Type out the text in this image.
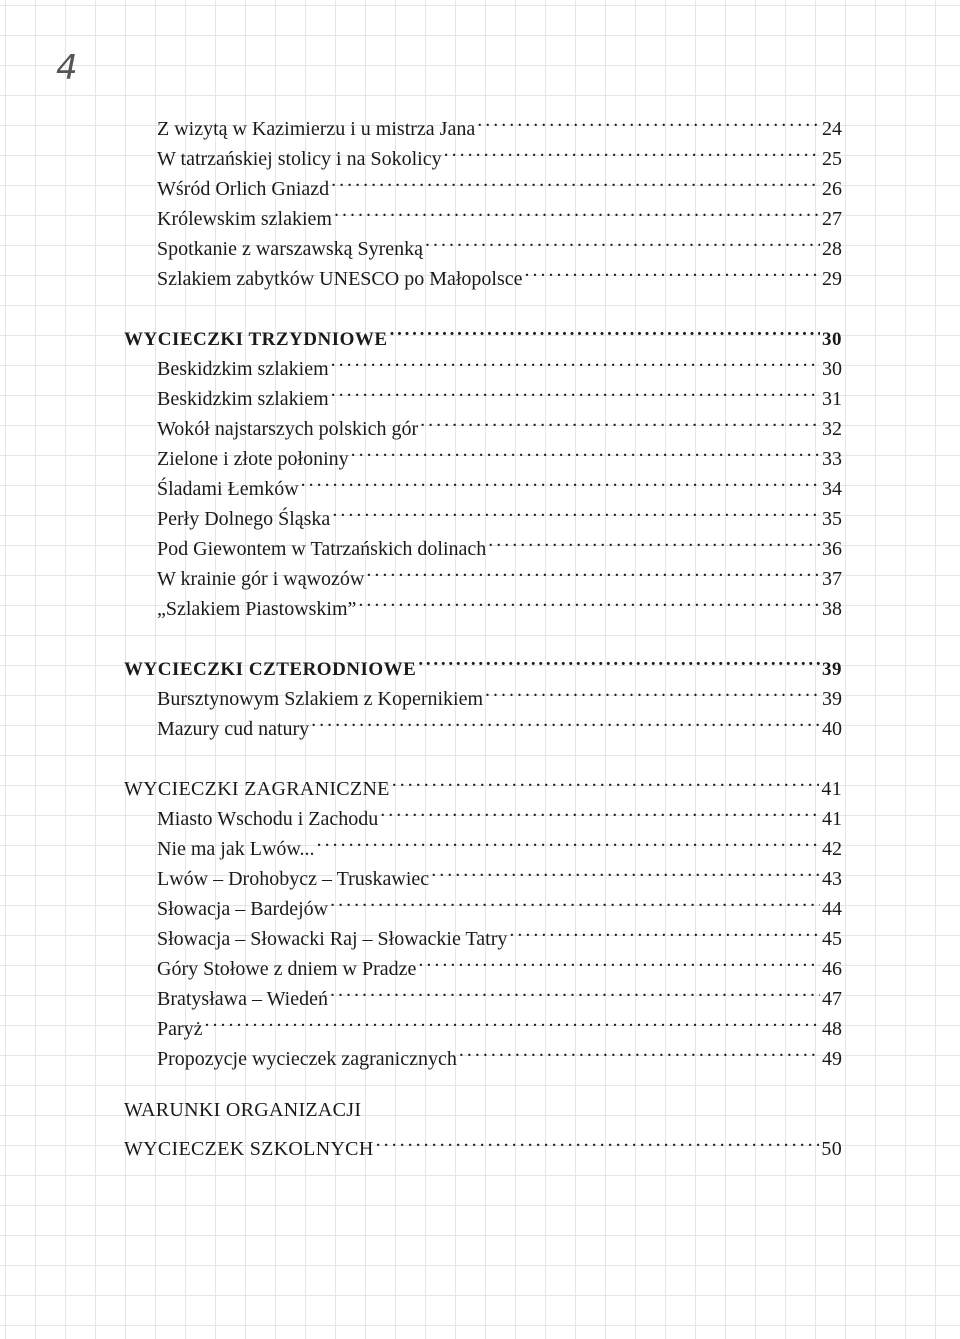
4
Z wizytą w Kazimierzu i u mistrza Jana . . .	24
W tatrzańskiej stolicy i na Sokolicy . . .	25
Wśród Orlich Gniazd . . .	26
Królewskim szlakiem . . .	27
Spotkanie z warszawską Syrenką . . .	28
Szlakiem zabytków UNESCO po Małopolsce . . .	29
WYCIECZKI TRZYDNIOWE . . .	30
Beskidzkim szlakiem . . .	30
Beskidzkim szlakiem . . .	31
Wokół najstarszych polskich gór . . .	32
Zielone i złote połoniny . . .	33
Śladami Łemków . . .	34
Perły Dolnego Śląska . . .	35
Pod Giewontem w Tatrzańskich dolinach . . .	36
W krainie gór i wąwozów . . .	37
„Szlakiem Piastowskim” . . .	38
WYCIECZKI CZTERODNIOWE . . .	39
Bursztynowym Szlakiem z Kopernikiem . . .	39
Mazury cud natury . . .	40
WYCIECZKI ZAGRANICZNE . . .	41
Miasto Wschodu i Zachodu . . .	41
Nie ma jak Lwów... . . .	42
Lwów – Drohobycz – Truskawiec . . .	43
Słowacja – Bardejów . . .	44
Słowacja – Słowacki Raj – Słowackie Tatry . . .	45
Góry Stołowe z dniem w Pradze . . .	46
Bratysława – Wiedeń . . .	47
Paryż . . .	48
Propozycje wycieczek zagranicznych . . .	49
WARUNKI ORGANIZACJI
WYCIECZEK SZKOLNYCH . . .	50
